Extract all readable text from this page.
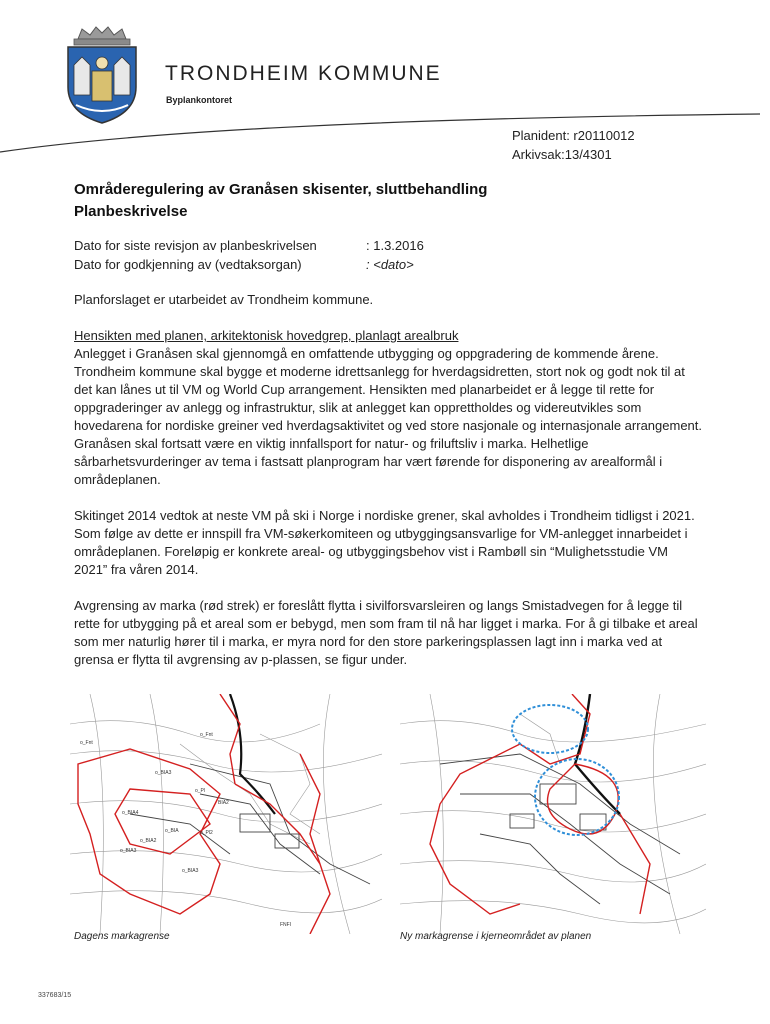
TRONDHEIM KOMMUNE
Byplankontoret
Planident: r20110012
Arkivsak:13/4301
Områderegulering av Granåsen skisenter, sluttbehandling
Planbeskrivelse
Dato for siste revisjon av planbeskrivelsen	: 1.3.2016
Dato for godkjenning av (vedtaksorgan)	: <dato>
Planforslaget er utarbeidet av Trondheim kommune.
Hensikten med planen, arkitektonisk hovedgrep, planlagt arealbruk

Anlegget i Granåsen skal gjennomgå en omfattende utbygging og oppgradering de kommende årene. Trondheim kommune skal bygge et moderne idrettsanlegg for hverdagsidretten, stort nok og godt nok til at det kan lånes ut til VM og World Cup arrangement. Hensikten med planarbeidet er å legge til rette for oppgraderinger av anlegg og infrastruktur, slik at anlegget kan opprettholdes og videreutvikles som hovedarena for nordiske greiner ved hverdagsaktivitet og ved store nasjonale og internasjonale arrangement. Granåsen skal fortsatt være en viktig innfallsport for natur- og friluftsliv i marka. Helhetlige sårbarhetsvurderinger av tema i fastsatt planprogram har vært førende for disponering av arealformål i områdeplanen.

Skitinget 2014 vedtok at neste VM på ski i Norge i nordiske grener, skal avholdes i Trondheim tidligst i 2021. Som følge av dette er innspill fra VM-søkerkomiteen og utbyggingsansvarlige for VM-anlegget innarbeidet i områdeplanen. Foreløpig er konkrete areal- og utbyggingsbehov vist i Rambøll sin “Mulighetsstudie VM 2021” fra våren 2014.

Avgrensing av marka (rød strek) er foreslått flytta i sivilforsvarsleiren og langs Smistadvegen for å legge til rette for utbygging på et areal som er bebygd, men som fram til nå har ligget i marka. For å gi tilbake et areal som mer naturlig hører til i marka, er myra nord for den store parkeringsplassen lagt inn i marka ved at grensa er flytta til avgrensing av p-plassen, se figur under.

o_Fnt
o_Fnt
o_BIA3
o_BIA4
o_Pl
BIA2
o_BIA
o_BIA2
o_BIA3
o_Pl2
o_BIA3
FNFI
Dagens markagrense	Ny markagrense i kjerneområdet av planen
337683/15
